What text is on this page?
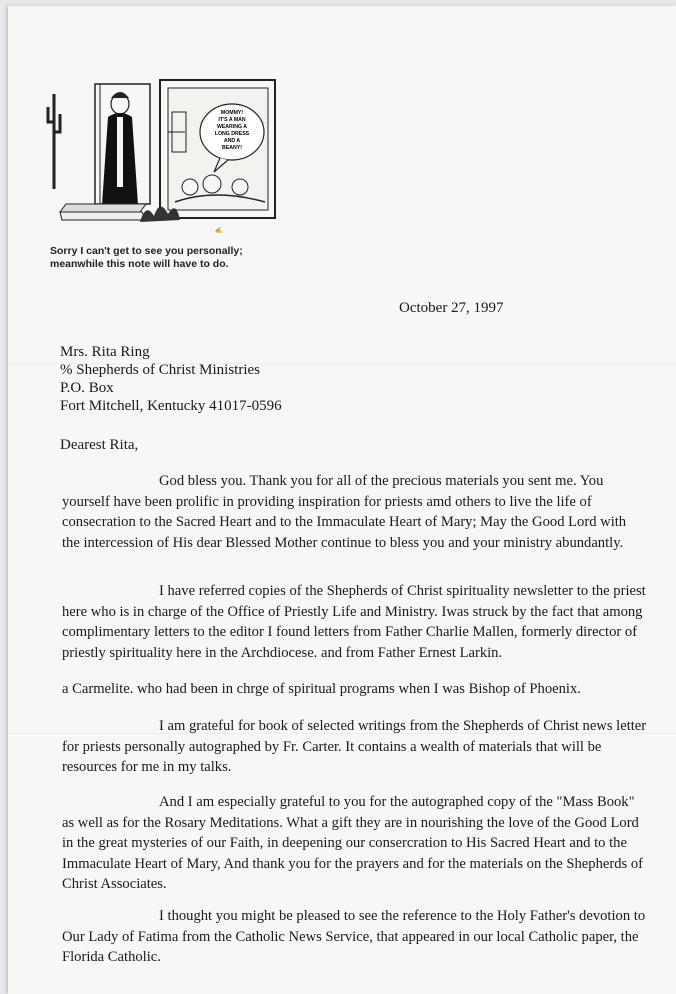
MOMMY!
IT'S A MAN
WEARING A
LONG DRESS
AND A
BEANY!
✍
Sorry I can't get to see you personally;
meanwhile this note will have to do.
October 27, 1997
Mrs. Rita Ring
% Shepherds of Christ Ministries
P.O. Box
Fort Mitchell, Kentucky 41017-0596
Dearest Rita,

God bless you. Thank you for all of the precious materials you sent me. You yourself have been prolific in providing inspiration for priests amd others to live the life of consecration to the Sacred Heart and to the Immaculate Heart of Mary; May the Good Lord with the intercession of His dear Blessed Mother continue to bless you and your ministry abundantly.

I have referred copies of the Shepherds of Christ spirituality newsletter to the priest here who is in charge of the Office of Priestly Life and Ministry. Iwas struck by the fact that among complimentary letters to the editor I found letters from Father Charlie Mallen, formerly director of priestly spirituality here in the Archdiocese. and from Father Ernest Larkin.

a Carmelite. who had been in chrge of spiritual programs when I was Bishop of Phoenix.

I am grateful for book of selected writings from the Shepherds of Christ news letter for priests personally autographed by Fr. Carter. It contains a wealth of materials that will be resources for me in my talks.

And I am especially grateful to you for the autographed copy of the "Mass Book" as well as for the Rosary Meditations. What a gift they are in nourishing the love of the Good Lord in the great mysteries of our Faith, in deepening our conserсration to His Sacred Heart and to the Immaculate Heart of Mary, And thank you for the prayers and for the materials on the Shepherds of Christ Associates.

I thought you might be pleased to see the reference to the Holy Father's devotion to Our Lady of Fatima from the Catholic News Service, that appeared in our local Catholic paper, the Florida Catholic.
